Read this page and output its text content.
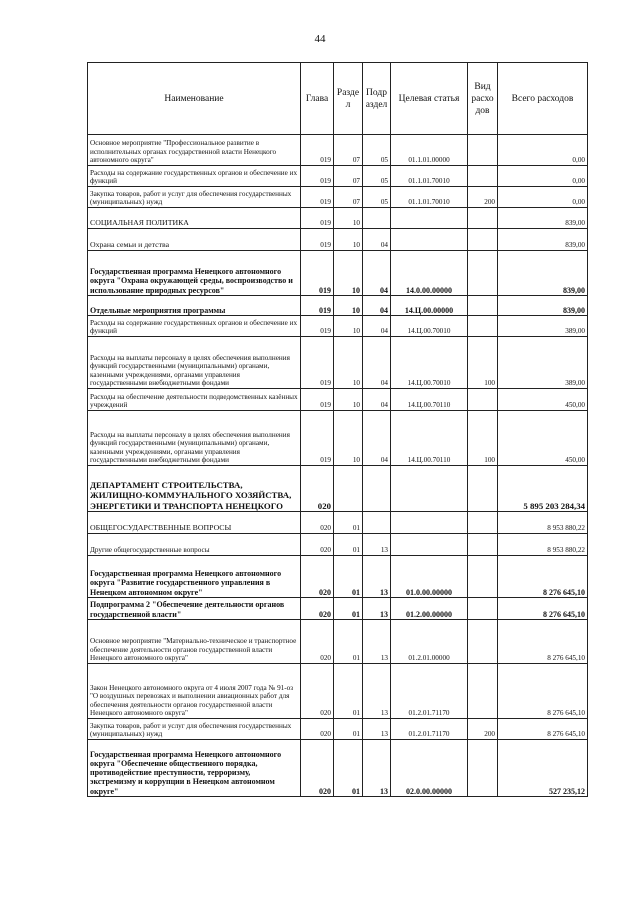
44
Наименование	Глава	Разде л	Подр аздел	Целевая статья	Вид расхо дов	Всего расходов
Основное мероприятие "Профессиональное развитие в исполнительных органах государственной власти Ненецкого автономного округа"	019	07	05	01.1.01.00000		0,00
Расходы на содержание государственных органов и обеспечение их функций	019	07	05	01.1.01.70010		0,00
Закупка товаров, работ и услуг для обеспечения государственных (муниципальных) нужд	019	07	05	01.1.01.70010	200	0,00
СОЦИАЛЬНАЯ ПОЛИТИКА	019	10				839,00
Охрана семьи и детства	019	10	04			839,00
Государственная программа Ненецкого автономного округа "Охрана окружающей среды, воспроизводство и использование природных ресурсов"	019	10	04	14.0.00.00000		839,00
Отдельные мероприятия программы	019	10	04	14.Ц.00.00000		839,00
Расходы на содержание государственных органов и обеспечение их функций	019	10	04	14.Ц.00.70010		389,00
Расходы на выплаты персоналу в целях обеспечения выполнения функций государственными (муниципальными) органами, казенными учреждениями, органами управления государственными внебюджетными фондами	019	10	04	14.Ц.00.70010	100	389,00
Расходы на обеспечение деятельности подведомственных казённых учреждений	019	10	04	14.Ц.00.70110		450,00
Расходы на выплаты персоналу в целях обеспечения выполнения функций государственными (муниципальными) органами, казенными учреждениями, органами управления государственными внебюджетными фондами	019	10	04	14.Ц.00.70110	100	450,00
ДЕПАРТАМЕНТ СТРОИТЕЛЬСТВА, ЖИЛИЩНО-КОММУНАЛЬНОГО ХОЗЯЙСТВА, ЭНЕРГЕТИКИ И ТРАНСПОРТА НЕНЕЦКОГО	020					5 895 203 284,34
ОБЩЕГОСУДАРСТВЕННЫЕ ВОПРОСЫ	020	01				8 953 880,22
Другие общегосударственные вопросы	020	01	13			8 953 880,22
Государственная программа Ненецкого автономного округа "Развитие государственного управления в Ненецком автономном округе"	020	01	13	01.0.00.00000		8 276 645,10
Подпрограмма 2 "Обеспечение деятельности органов государственной власти"	020	01	13	01.2.00.00000		8 276 645,10
Основное мероприятие "Материально-техническое и транспортное обеспечение деятельности органов государственной власти Ненецкого автономного округа"	020	01	13	01.2.01.00000		8 276 645,10
Закон Ненецкого автономного округа от 4 июля 2007 года № 91-оз "О воздушных перевозках и выполнении авиационных работ для обеспечения деятельности органов государственной власти Ненецкого автономного округа"	020	01	13	01.2.01.71170		8 276 645,10
Закупка товаров, работ и услуг для обеспечения государственных (муниципальных) нужд	020	01	13	01.2.01.71170	200	8 276 645,10
Государственная программа Ненецкого автономного округа "Обеспечение общественного порядка, противодействие преступности, терроризму, экстремизму и коррупции в Ненецком автономном округе"	020	01	13	02.0.00.00000		527 235,12
